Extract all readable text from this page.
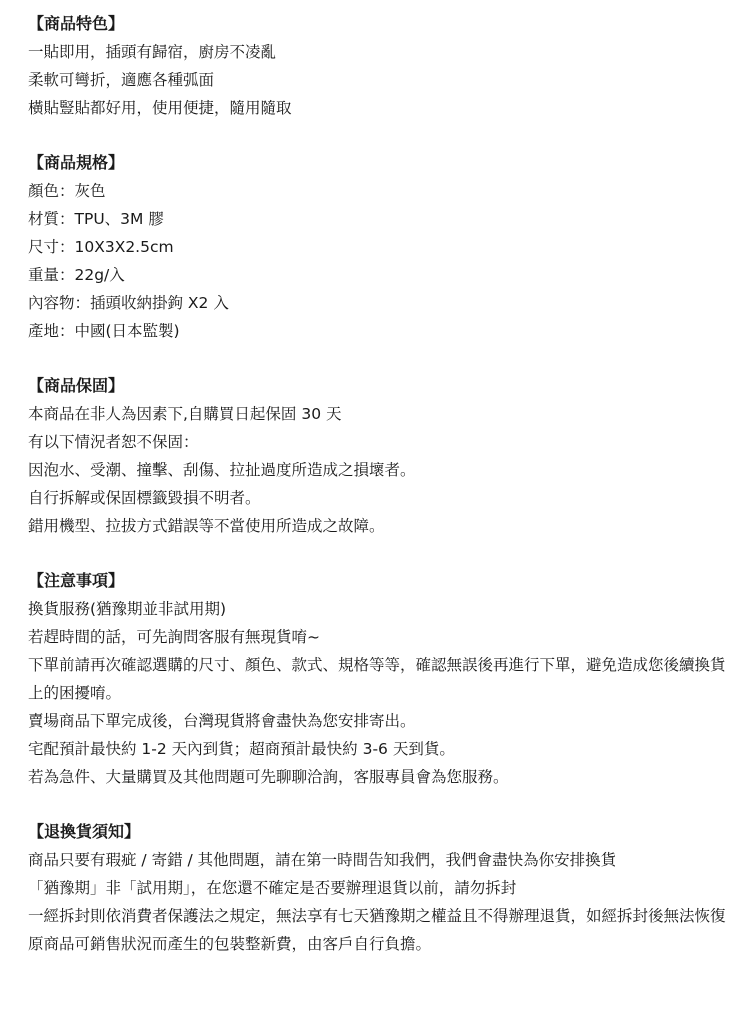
【商品特色】
一貼即用，插頭有歸宿，廚房不凌亂
柔軟可彎折，適應各種弧面
橫貼豎貼都好用，使用便捷，隨用隨取
【商品規格】
顏色：灰色
材質：TPU、3M 膠
尺寸：10X3X2.5cm
重量：22g/入
內容物：插頭收納掛鉤 X2 入
產地：中國(日本監製)
【商品保固】
本商品在非人為因素下,自購買日起保固 30 天
有以下情況者恕不保固：
因泡水、受潮、撞擊、刮傷、拉扯過度所造成之損壞者。
自行拆解或保固標籤毀損不明者。
錯用機型、拉拔方式錯誤等不當使用所造成之故障。
【注意事項】
換貨服務(猶豫期並非試用期)
若趕時間的話，可先詢問客服有無現貨唷~
下單前請再次確認選購的尺寸、顏色、款式、規格等等，確認無誤後再進行下單，避免造成您後續換貨上的困擾唷。
賣場商品下單完成後，台灣現貨將會盡快為您安排寄出。
宅配預計最快約 1-2 天內到貨；超商預計最快約 3-6 天到貨。
若為急件、大量購買及其他問題可先聊聊洽詢，客服專員會為您服務。
【退換貨須知】
商品只要有瑕疵 / 寄錯 / 其他問題，請在第一時間告知我們，我們會盡快為你安排換貨
「猶豫期」非「試用期」，在您還不確定是否要辦理退貨以前，請勿拆封
一經拆封則依消費者保護法之規定，無法享有七天猶豫期之權益且不得辦理退貨，如經拆封後無法恢復原商品可銷售狀況而產生的包裝整新費，由客戶自行負擔。
